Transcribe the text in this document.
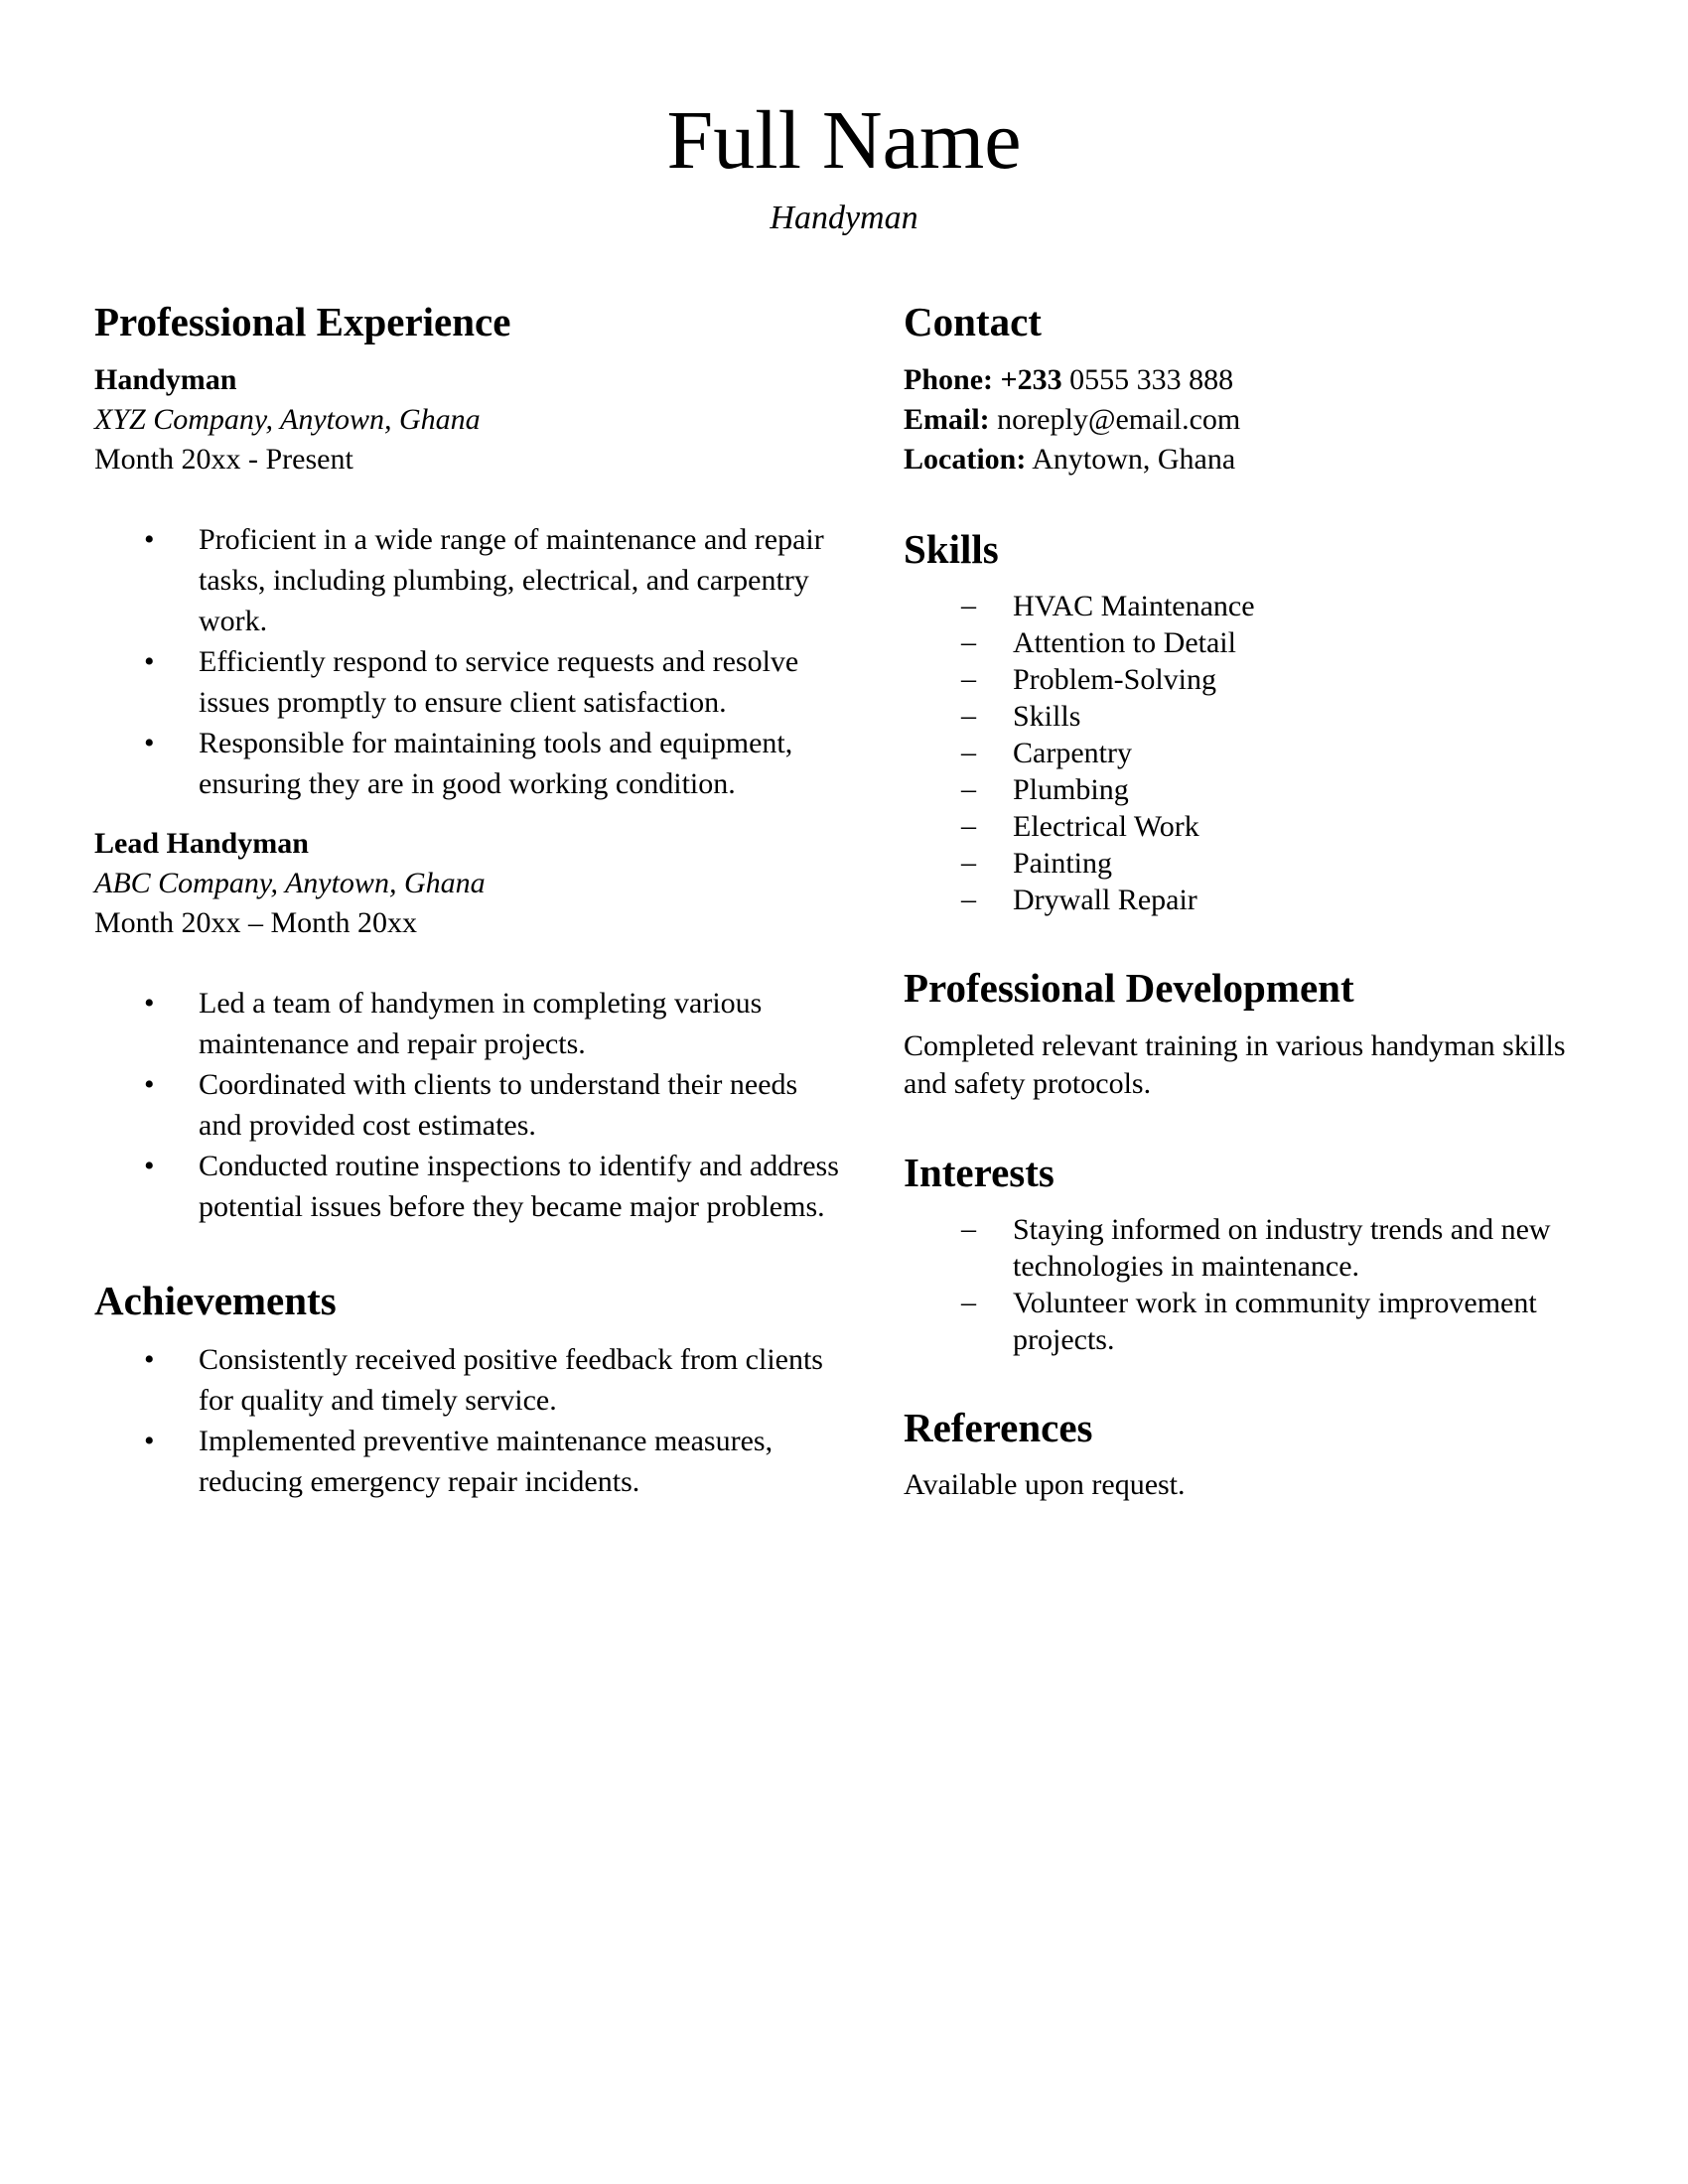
Full Name
Handyman
Professional Experience
Handyman
XYZ Company, Anytown, Ghana
Month 20xx - Present
• Proficient in a wide range of maintenance and repair tasks, including plumbing, electrical, and carpentry work.
• Efficiently respond to service requests and resolve issues promptly to ensure client satisfaction.
• Responsible for maintaining tools and equipment, ensuring they are in good working condition.
Lead Handyman
ABC Company, Anytown, Ghana
Month 20xx – Month 20xx
• Led a team of handymen in completing various maintenance and repair projects.
• Coordinated with clients to understand their needs and provided cost estimates.
• Conducted routine inspections to identify and address potential issues before they became major problems.
Achievements
• Consistently received positive feedback from clients for quality and timely service.
• Implemented preventive maintenance measures, reducing emergency repair incidents.
Contact
Phone: +233 0555 333 888
Email: noreply@email.com
Location: Anytown, Ghana
Skills
– HVAC Maintenance
– Attention to Detail
– Problem-Solving
– Skills
– Carpentry
– Plumbing
– Electrical Work
– Painting
– Drywall Repair
Professional Development

Completed relevant training in various handyman skills and safety protocols.

Interests
– Staying informed on industry trends and new technologies in maintenance.
– Volunteer work in community improvement projects.
References

Available upon request.
